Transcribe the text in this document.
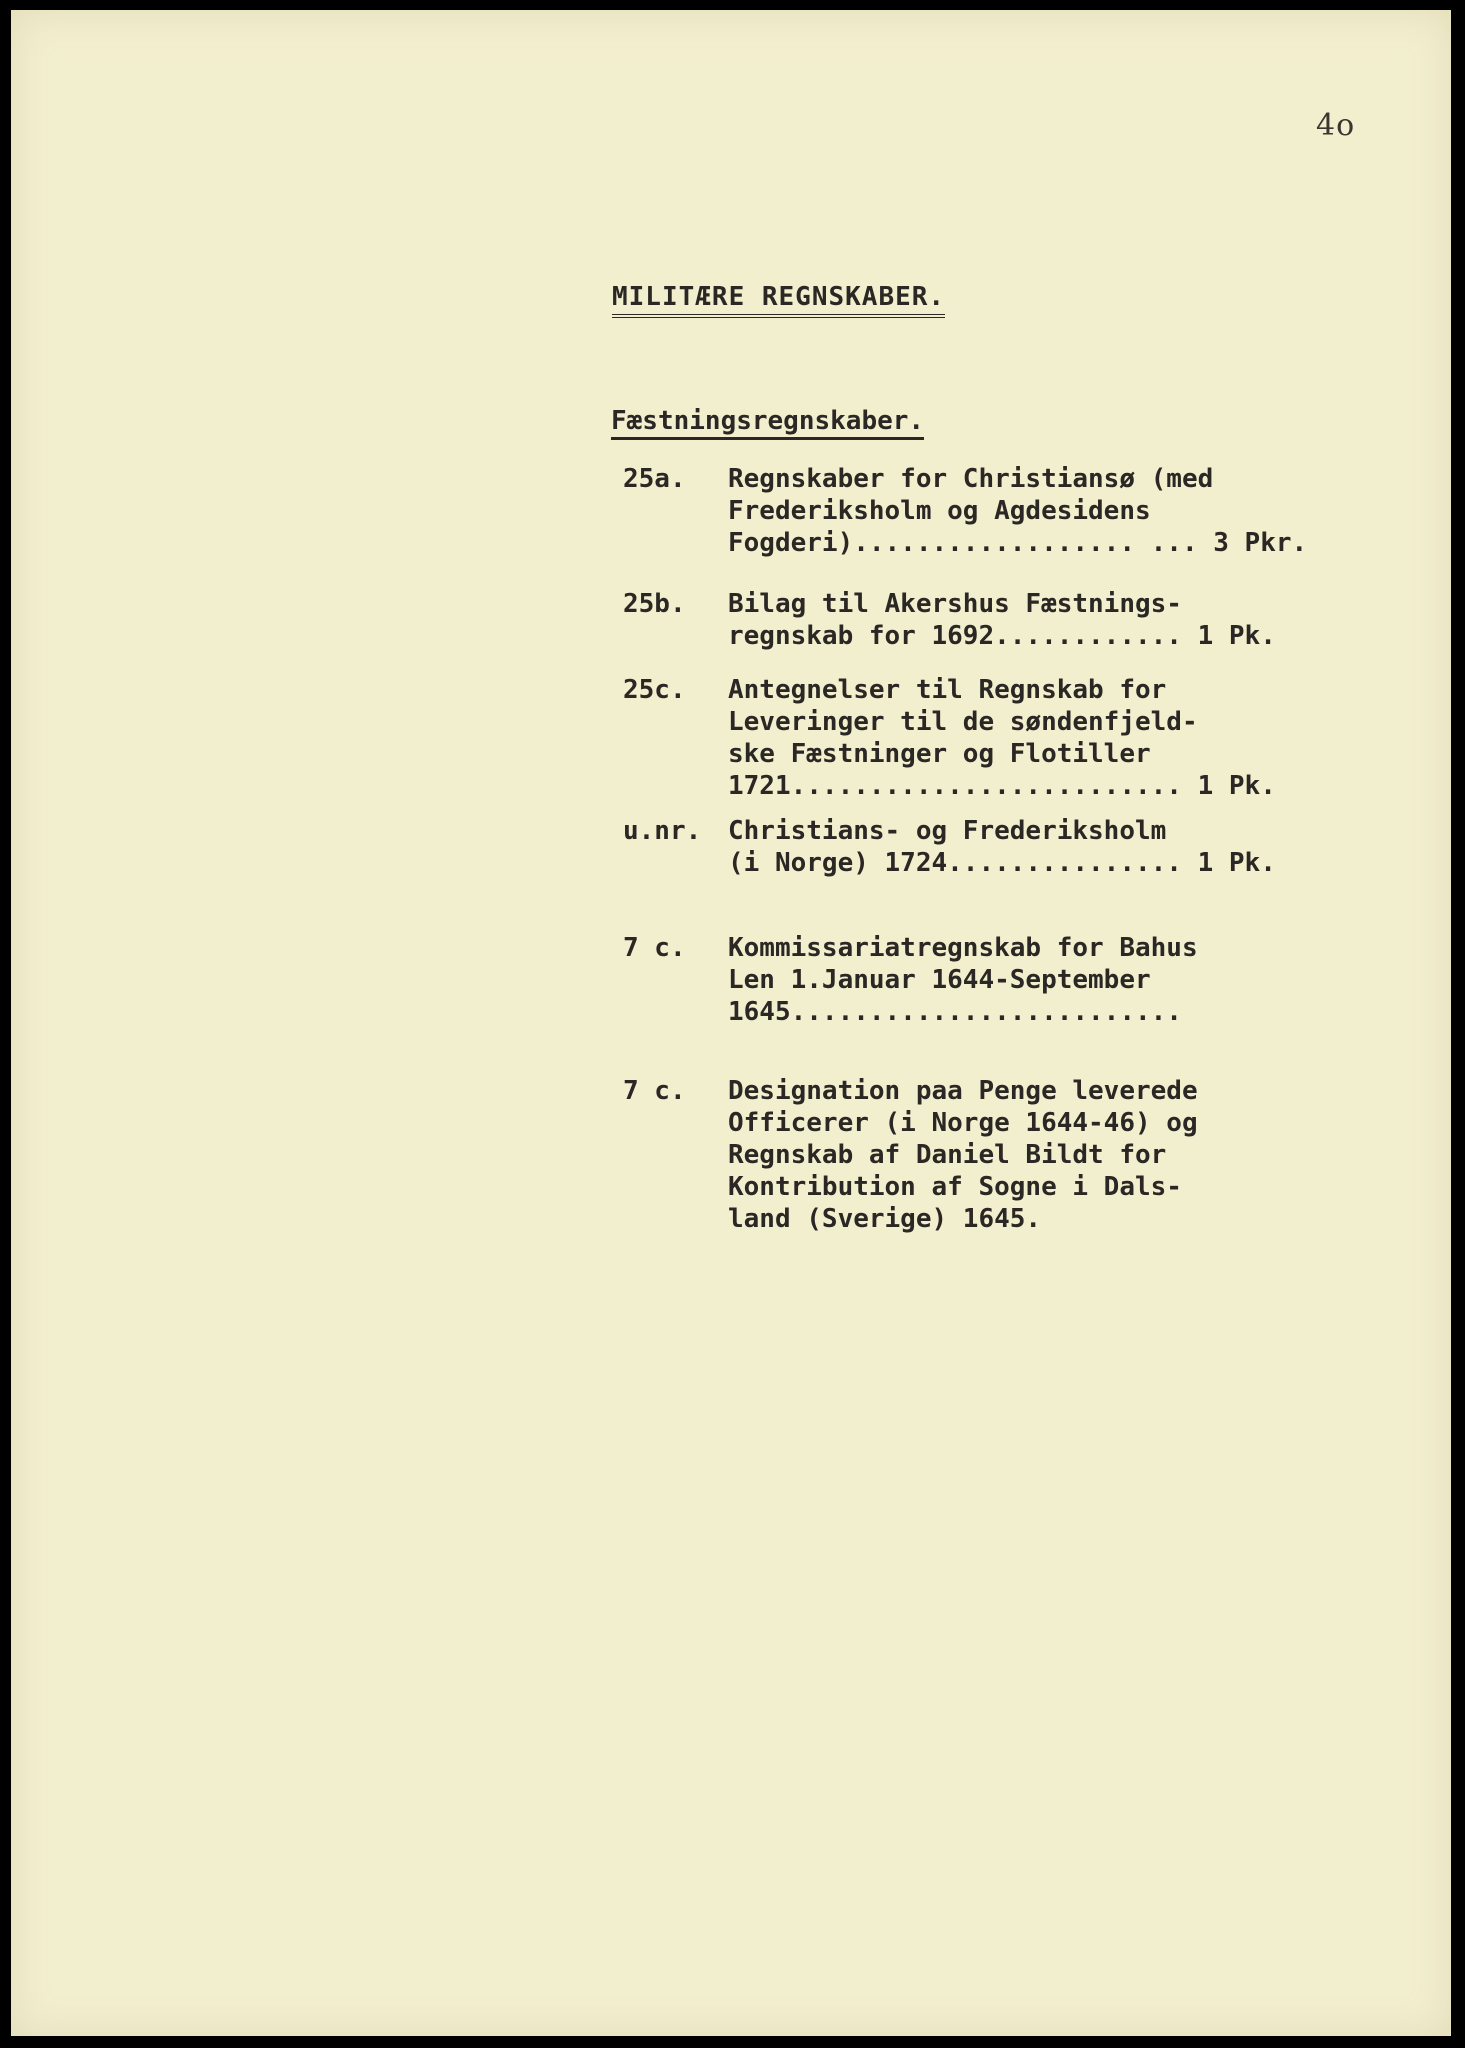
4o
MILITÆRE REGNSKABER.
Fæstningsregnskaber.
25a.	Regnskaber for Christiansø (med
Frederiksholm og Agdesidens
Fogderi).................. ... 3 Pkr.
25b.	Bilag til Akershus Fæstnings-
regnskab for 1692............ 1 Pk.
25c.	Antegnelser til Regnskab for
Leveringer til de søndenfjeld-
ske Fæstninger og Flotiller
1721......................... 1 Pk.
u.nr.	Christians- og Frederiksholm
(i Norge) 1724............... 1 Pk.
7 c.	Kommissariatregnskab for Bahus
Len 1.Januar 1644-September
1645.........................
7 c.	Designation paa Penge leverede
Officerer (i Norge 1644-46) og
Regnskab af Daniel Bildt for
Kontribution af Sogne i Dals-
land (Sverige) 1645.
